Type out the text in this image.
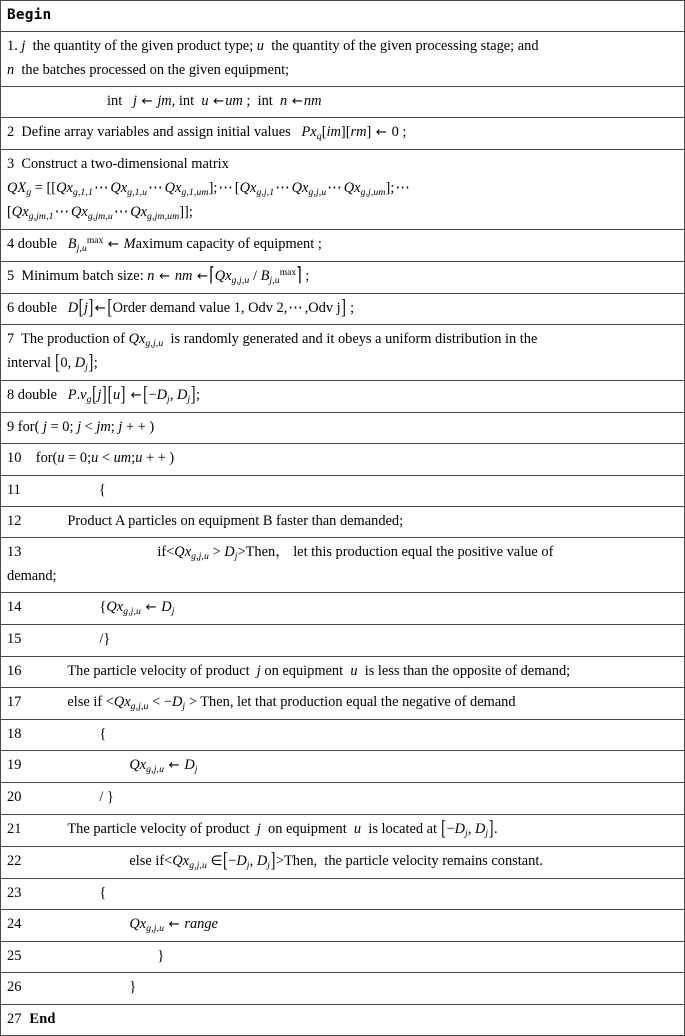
Begin

1. j  the quantity of the given product type; u  the quantity of the given processing stage; and
n  the batches processed on the given equipment;

int   j ← jm, int  u ←um ;  int  n ←nm

2  Define array variables and assign initial values   $Px_q[im][rm]$ ← 0 ;

3  Construct a two-dimensional matrix
$QX_g$ = [$[Qx_{g,1,1}\cdots Qx_{g,1,u}\cdots Qx_{g,1,um}];\cdots[Qx_{g,j,1}\cdots Qx_{g,j,u}\cdots Qx_{g,j,um}];\cdots$
$[Qx_{g,jm,1}\cdots Qx_{g,jm,u}\cdots Qx_{g,jm,um}]$];

4 double   $B_{j,u}^{max}$ ← Maximum capacity of equipment ;
5  Minimum batch size: n ← nm $\leftarrow⌈Qx_{g,j,u}$ / $B_{j,u}^{max}⌉$ ;
6 double   D[j] ← [Order demand value 1, Odv 2,⋯,Odv j] ;

7  The production of $Qx_{g,j,u}$  is randomly generated and it obeys a uniform distribution in the
interval [0, $D_j$];

8 double   $P.v_g[j][u]$ ← [$-D_j$, $D_j$];
9 for( j = 0; j < jm; j + + )
10    for(u = 0;u < um;u + + )
11	{
12	Product A particles on equipment B faster than demanded;

13	$if<Qx_{g,j,u}$ > $D_j>Then$， let this production equal the positive value of
demand;

14	{$Qx_{g,j,u}$ ← $D_j$
15	/}
16	The particle velocity of product  j on equipment  u  is less than the opposite of demand;
17	else if $<Qx_{g,j,u} < -D_j$ > Then, let that production equal the negative of demand
18	{
19	$Qx_{g,j,u}$ ← $D_j$
20	/ }
21	The particle velocity of product  j  on equipment  u  is located at [$-D_j$, $D_j$].
22	else $if<Qx_{g,j,u}$ $\in[-D_j$, $D_j]>Then$,  the particle velocity remains constant.
23	{
24	$Qx_{g,j,u}$ ← range
25	}
26	}
27 End
